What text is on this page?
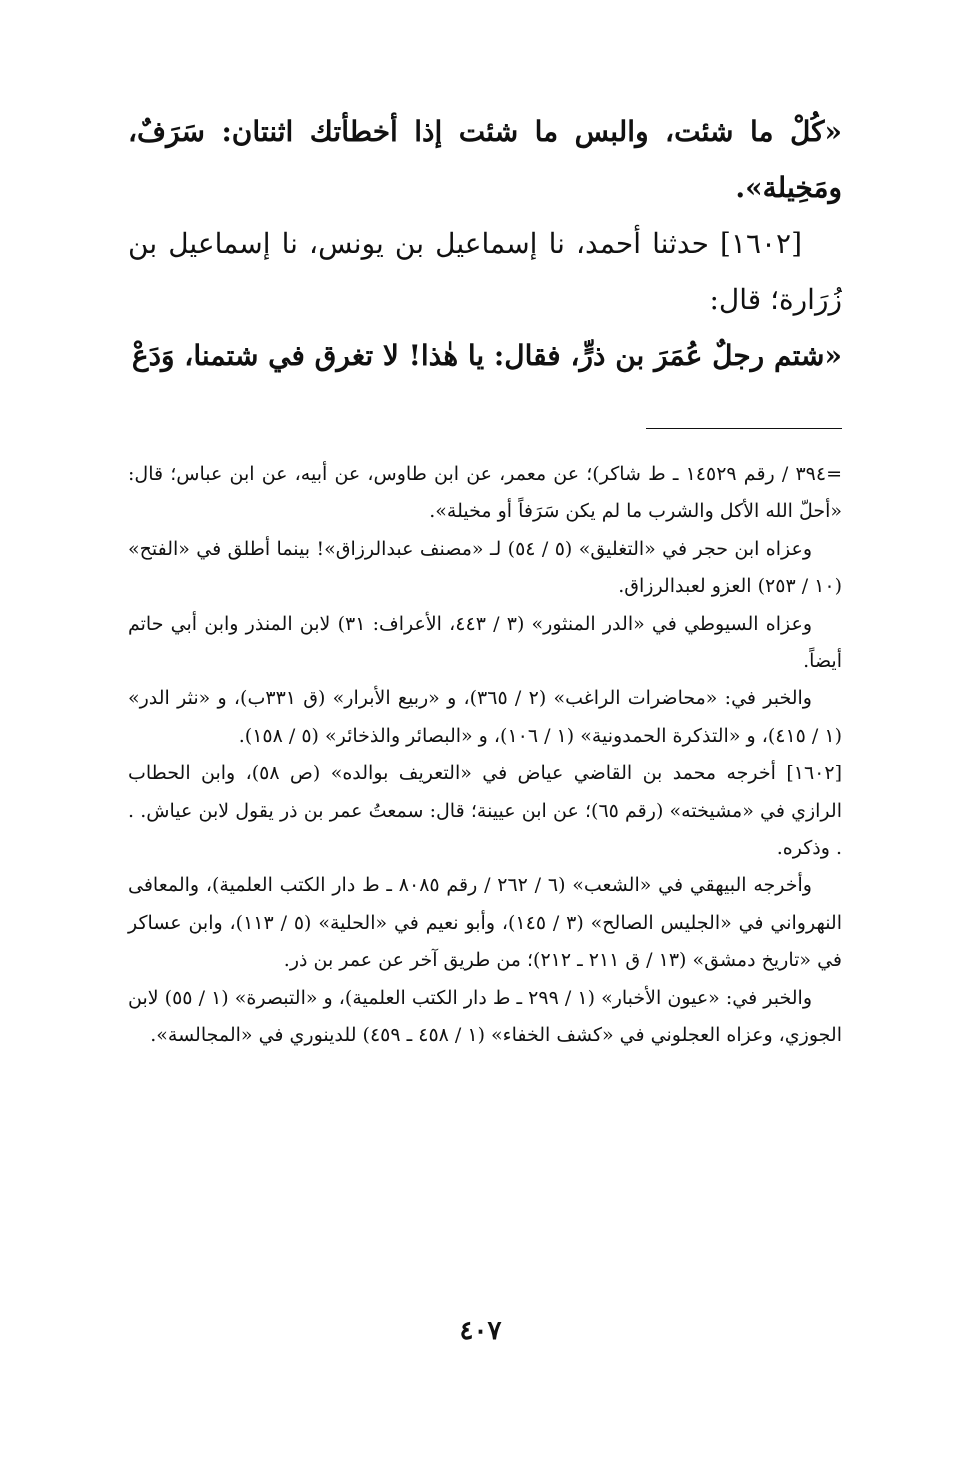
«كُلْ ما شئت، والبس ما شئت إذا أخطأتك اثنتان: سَرَفٌ، ومَخِيلة».

[١٦٠٢] حدثنا أحمد، نا إسماعيل بن يونس، نا إسماعيل بن زُرَارة؛ قال:

«شتم رجلٌ عُمَرَ بن ذرٍّ، فقال: يا هٰذا! لا تغرق في شتمنا، وَدَعْ

=٣٩٤ / رقم ١٤٥٢٩ ـ ط شاكر)؛ عن معمر، عن ابن طاوس، عن أبيه، عن ابن عباس؛ قال: «أحلّ الله الأكل والشرب ما لم يكن سَرَفاً أو مخيلة».

وعزاه ابن حجر في «التغليق» (٥ / ٥٤) لـ «مصنف عبدالرزاق»! بينما أطلق في «الفتح» (١٠ / ٢٥٣) العزو لعبدالرزاق.

وعزاه السيوطي في «الدر المنثور» (٣ / ٤٤٣، الأعراف: ٣١) لابن المنذر وابن أبي حاتم أيضاً.

والخبر في: «محاضرات الراغب» (٢ / ٣٦٥)، و «ربيع الأبرار» (ق ٣٣١ب)، و «نثر الدر» (١ / ٤١٥)، و «التذكرة الحمدونية» (١ / ١٠٦)، و «البصائر والذخائر» (٥ / ١٥٨).

[١٦٠٢] أخرجه محمد بن القاضي عياض في «التعريف بوالده» (ص ٥٨)، وابن الحطاب الرازي في «مشيخته» (رقم ٦٥)؛ عن ابن عيينة؛ قال: سمعتُ عمر بن ذر يقول لابن عياش. . . وذكره.

وأخرجه البيهقي في «الشعب» (٦ / ٢٦٢ / رقم ٨٠٨٥ ـ ط دار الكتب العلمية)، والمعافى النهرواني في «الجليس الصالح» (٣ / ١٤٥)، وأبو نعيم في «الحلية» (٥ / ١١٣)، وابن عساكر في «تاريخ دمشق» (١٣ / ق ٢١١ ـ ٢١٢)؛ من طريق آخر عن عمر بن ذر.

والخبر في: «عيون الأخبار» (١ / ٢٩٩ ـ ط دار الكتب العلمية)، و «التبصرة» (١ / ٥٥) لابن الجوزي، وعزاه العجلوني في «كشف الخفاء» (١ / ٤٥٨ ـ ٤٥٩) للدينوري في «المجالسة».

٤٠٧
